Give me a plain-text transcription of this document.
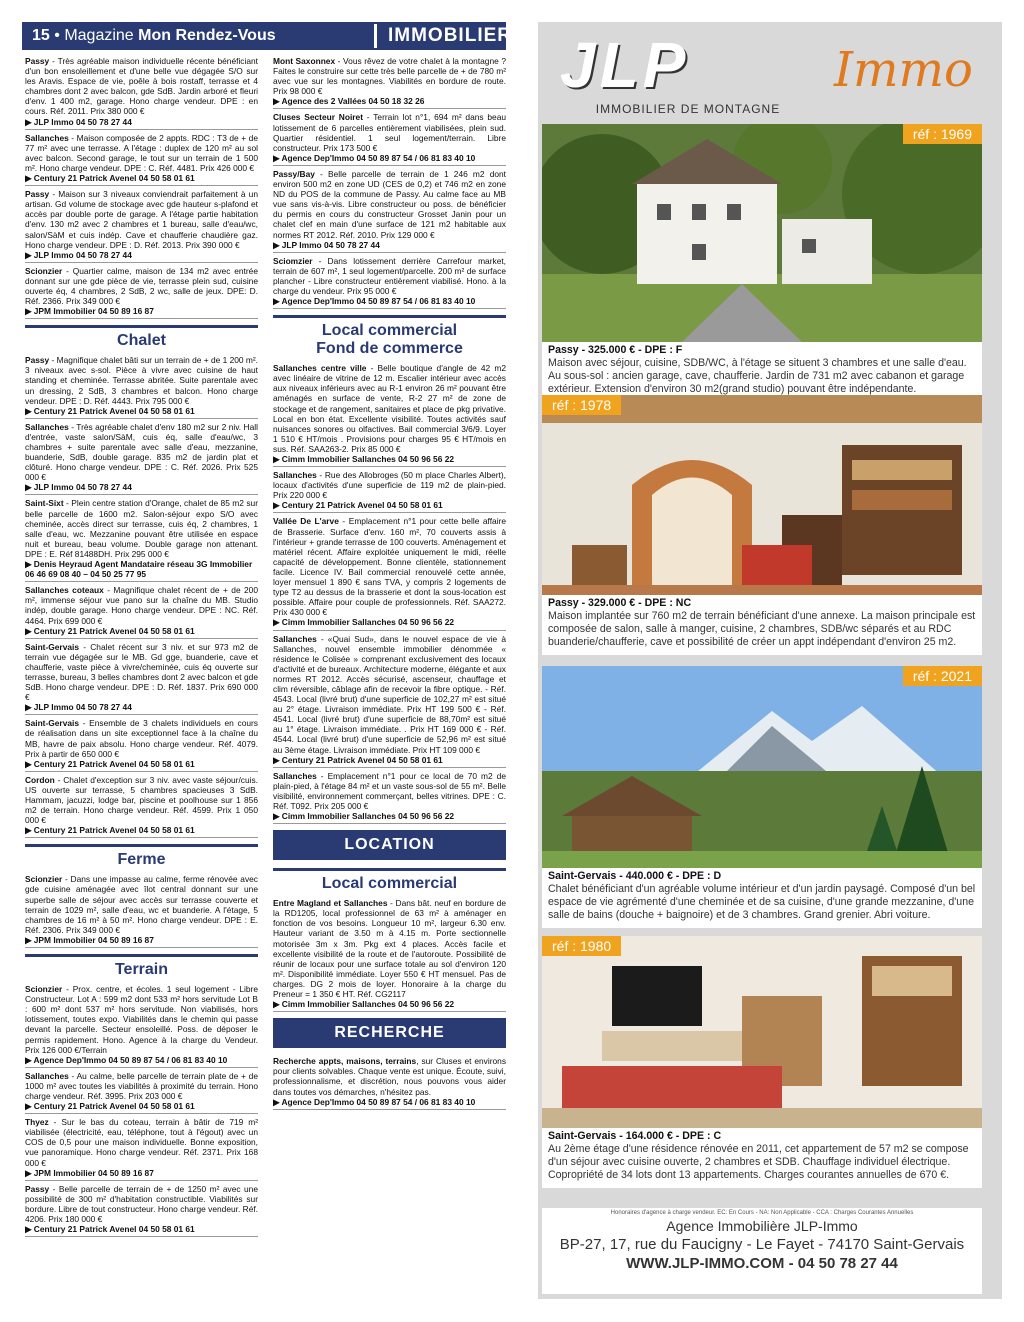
15 • Magazine Mon Rendez-Vous	IMMOBILIER
Passy - Très agréable maison individuelle récente bénéficiant d'un bon ensoleillement et d'une belle vue dégagée S/O sur les Aravis. Espace de vie, poêle à bois rostaff, terrasse et 4 chambres dont 2 avec balcon, gde SdB. Jardin arboré et fleuri d'env. 1 400 m2, garage. Hono charge vendeur. DPE : en cours. Réf. 2011. Prix 380 000 €
▶ JLP Immo 04 50 78 27 44
Sallanches - Maison composée de 2 appts. RDC : T3 de + de 77 m² avec une terrasse. A l'étage : duplex de 120 m² au sol avec balcon. Second garage, le tout sur un terrain de 1 500 m². Hono charge vendeur. DPE : C. Réf. 4481. Prix 426 000 €
▶ Century 21 Patrick Avenel 04 50 58 01 61
Passy - Maison sur 3 niveaux conviendrait parfaitement à un artisan. Gd volume de stockage avec gde hauteur s-plafond et accès par double porte de garage. A l'étage partie habitation d'env. 130 m2 avec 2 chambres et 1 bureau, salle d'eau/wc, salon/SàM et cuis indép. Cave et chaufferie chaudière gaz. Hono charge vendeur. DPE : D. Réf. 2013. Prix 390 000 €
▶ JLP Immo 04 50 78 27 44
Scionzier - Quartier calme, maison de 134 m2 avec entrée donnant sur une gde pièce de vie, terrasse plein sud, cuisine ouverte éq, 4 chambres, 2 SdB, 2 wc, salle de jeux. DPE: D. Réf. 2366. Prix 349 000 €
▶ JPM Immobilier 04 50 89 16 87
Chalet
Passy - Magnifique chalet bâti sur un terrain de + de 1 200 m². 3 niveaux avec s-sol. Pièce à vivre avec cuisine de haut standing et cheminée. Terrasse abritée. Suite parentale avec un dressing, 2 SdB, 3 chambres et balcon. Hono charge vendeur. DPE : D. Réf. 4443. Prix 795 000 €
▶ Century 21 Patrick Avenel 04 50 58 01 61
Sallanches - Très agréable chalet d'env 180 m2 sur 2 niv. Hall d'entrée, vaste salon/SàM, cuis éq, salle d'eau/wc, 3 chambres + suite parentale avec salle d'eau, mezzanine, buanderie, SdB, double garage. 835 m2 de jardin plat et clôturé. Hono charge vendeur. DPE : C. Réf. 2026. Prix 525 000 €
▶ JLP Immo 04 50 78 27 44
Saint-Sixt - Plein centre station d'Orange, chalet de 85 m2 sur belle parcelle de 1600 m2. Salon-séjour expo S/O avec cheminée, accès direct sur terrasse, cuis éq, 2 chambres, 1 salle d'eau, wc. Mezzanine pouvant être utilisée en espace nuit et bureau, beau volume. Double garage non attenant. DPE : E. Réf 81488DH. Prix 295 000 €
▶ Denis Heyraud Agent Mandataire réseau 3G Immobilier 06 46 69 08 40 – 04 50 25 77 95
Sallanches coteaux - Magnifique chalet récent de + de 200 m², immense séjour vue pano sur la chaîne du MB. Studio indép, double garage. Hono charge vendeur. DPE : NC. Réf. 4464. Prix 699 000 €
▶ Century 21 Patrick Avenel 04 50 58 01 61
Saint-Gervais - Chalet récent sur 3 niv. et sur 973 m2 de terrain vue dégagée sur le MB. Gd gge, buanderie, cave et chaufferie, vaste pièce à vivre/cheminée, cuis éq ouverte sur terrasse, bureau, 3 belles chambres dont 2 avec balcon et gde SdB. Hono charge vendeur. DPE : D. Réf. 1837. Prix 690 000 €
▶ JLP Immo 04 50 78 27 44
Saint-Gervais - Ensemble de 3 chalets individuels en cours de réalisation dans un site exceptionnel face à la chaîne du MB, havre de paix absolu. Hono charge vendeur. Réf. 4079. Prix à partir de 650 000 €
▶ Century 21 Patrick Avenel 04 50 58 01 61
Cordon - Chalet d'exception sur 3 niv. avec vaste séjour/cuis. US ouverte sur terrasse, 5 chambres spacieuses 3 SdB. Hammam, jacuzzi, lodge bar, piscine et poolhouse sur 1 856 m2 de terrain. Hono charge vendeur. Réf. 4599. Prix 1 050 000 €
▶ Century 21 Patrick Avenel 04 50 58 01 61
Ferme
Scionzier - Dans une impasse au calme, ferme rénovée avec gde cuisine aménagée avec îlot central donnant sur une superbe salle de séjour avec accès sur terrasse couverte et terrain de 1029 m², salle d'eau, wc et buanderie. A l'étage, 5 chambres de 16 m² à 50 m². Hono charge vendeur. DPE : E. Réf. 2306. Prix 349 000 €
▶ JPM Immobilier 04 50 89 16 87
Terrain
Scionzier - Prox. centre, et écoles. 1 seul logement - Libre Constructeur. Lot A : 599 m2 dont 533 m² hors servitude Lot B : 600 m² dont 537 m² hors servitude. Non viabilisés, hors lotissement, toutes expo. Viabilités dans le chemin qui passe devant la parcelle. Secteur ensoleillé. Poss. de déposer le permis rapidement. Hono. Agence à la charge du Vendeur. Prix 126 000 €/Terrain
▶ Agence Dep'Immo 04 50 89 87 54 / 06 81 83 40 10
Sallanches - Au calme, belle parcelle de terrain plate de + de 1000 m² avec toutes les viabilités à proximité du terrain. Hono charge vendeur. Réf. 3995. Prix 203 000 €
▶ Century 21 Patrick Avenel 04 50 58 01 61
Thyez - Sur le bas du coteau, terrain à bâtir de 719 m² viabilisée (électricité, eau, téléphone, tout à l'égout) avec un COS de 0,5 pour une maison individuelle. Bonne exposition, vue panoramique. Hono charge vendeur. Réf. 2371. Prix 168 000 €
▶ JPM Immobilier 04 50 89 16 87
Passy - Belle parcelle de terrain de + de 1250 m² avec une possibilité de 300 m² d'habitation constructible. Viabilités sur bordure. Libre de tout constructeur. Hono charge vendeur. Réf. 4206. Prix 180 000 €
▶ Century 21 Patrick Avenel 04 50 58 01 61
Mont Saxonnex - Vous rêvez de votre chalet à la montagne ? Faites le construire sur cette très belle parcelle de + de 780 m² avec vue sur les montagnes. Viabilités en bordure de route. Prix 98 000 €
▶ Agence des 2 Vallées 04 50 18 32 26
Cluses Secteur Noiret - Terrain lot n°1, 694 m² dans beau lotissement de 6 parcelles entièrement viabilisées, plein sud. Quartier résidentiel. 1 seul logement/terrain. Libre constructeur. Prix 173 500 €
▶ Agence Dep'Immo 04 50 89 87 54 / 06 81 83 40 10
Passy/Bay - Belle parcelle de terrain de 1 246 m2 dont environ 500 m2 en zone UD (CES de 0,2) et 746 m2 en zone ND du POS de la commune de Passy. Au calme face au MB vue sans vis-à-vis. Libre constructeur ou poss. de bénéficier du permis en cours du constructeur Grosset Janin pour un chalet clef en main d'une surface de 121 m2 habitable aux normes RT 2012. Réf. 2010. Prix 129 000 €
▶ JLP Immo 04 50 78 27 44
Sciomzier - Dans lotissement derrière Carrefour market, terrain de 607 m², 1 seul logement/parcelle. 200 m² de surface plancher - Libre constructeur entièrement viabilisé. Hono. à la charge du vendeur. Prix 95 000 €
▶ Agence Dep'Immo 04 50 89 87 54 / 06 81 83 40 10
Local commercial
Fond de commerce
Sallanches centre ville - Belle boutique d'angle de 42 m2 avec linéaire de vitrine de 12 m. Escalier intérieur avec accès aux niveaux inférieurs avec au R-1 environ 26 m² pouvant être aménagés en surface de vente, R-2 27 m² de zone de stockage et de rangement, sanitaires et place de pkg privative. Local en bon état. Excellente visibilité. Toutes activités sauf nuisances sonores ou olfactives. Bail commercial 3/6/9. Loyer 1 510 € HT/mois . Provisions pour charges 95 € HT/mois en sus. Réf. SAA263-2. Prix 85 000 €
▶ Cimm Immobilier Sallanches 04 50 96 56 22
Sallanches - Rue des Allobroges (50 m place Charles Albert), locaux d'activités d'une superficie de 119 m2 de plain-pied. Prix 220 000 €
▶ Century 21 Patrick Avenel 04 50 58 01 61
Vallée De L'arve - Emplacement n°1 pour cette belle affaire de Brasserie. Surface d'env. 160 m², 70 couverts assis à l'intérieur + grande terrasse de 100 couverts. Aménagement et matériel récent. Affaire exploitée uniquement le midi, réelle capacité de développement. Bonne clientèle, stationnement facile. Licence IV. Bail commercial renouvelé cette année, loyer mensuel 1 890 € sans TVA, y compris 2 logements de type T2 au dessus de la brasserie et dont la sous-location est possible. Affaire pour couple de professionnels. Réf. SAA272. Prix 430 000 €
▶ Cimm Immobilier Sallanches 04 50 96 56 22
Sallanches - «Quai Sud», dans le nouvel espace de vie à Sallanches, nouvel ensemble immobilier dénommée « résidence le Colisée » comprenant exclusivement des locaux d'activité et de bureaux. Architecture moderne, élégante et aux normes RT 2012. Accès sécurisé, ascenseur, chauffage et clim réversible, câblage afin de recevoir la fibre optique. - Réf. 4543. Local (livré brut) d'une superficie de 102,27 m² est situé au 2° étage. Livraison immédiate. Prix HT 199 500 € - Réf. 4541. Local (livré brut) d'une superficie de 88,70m² est situé au 1° étage. Livraison immédiate. . Prix HT 169 000 € - Réf. 4544. Local (livré brut) d'une superficie de 52,96 m² est situé au 3ème étage. Livraison immédiate. Prix HT 109 000 €
▶ Century 21 Patrick Avenel 04 50 58 01 61
Sallanches - Emplacement n°1 pour ce local de 70 m2 de plain-pied, à l'étage 84 m² et un vaste sous-sol de 55 m². Belle visibilité, environnement commerçant, belles vitrines. DPE : C. Réf. T092. Prix 205 000 €
▶ Cimm Immobilier Sallanches 04 50 96 56 22
LOCATION
Local commercial
Entre Magland et Sallanches - Dans bât. neuf en bordure de la RD1205, local professionnel de 63 m² à aménager en fonction de vos besoins. Longueur 10 m², largeur 6.30 env. Hauteur variant de 3.50 m à 4.15 m. Porte sectionnelle motorisée 3m x 3m. Pkg ext 4 places. Accès facile et excellente visibilité de la route et de l'autoroute. Possibilité de réunir de locaux pour une surface totale au sol d'environ 120 m². Disponibilité immédiate. Loyer 550 € HT mensuel. Pas de charges. DG 2 mois de loyer. Honoraire à la charge du Preneur = 1 350 € HT. Réf. CG2117
▶ Cimm Immobilier Sallanches 04 50 96 56 22
RECHERCHE
Recherche appts, maisons, terrains, sur Cluses et environs pour clients solvables. Chaque vente est unique. Écoute, suivi, professionnalisme, et discrétion, nous pouvons vous aider dans toutes vos démarches, n'hésitez pas.
▶ Agence Dep'Immo 04 50 89 87 54 / 06 81 83 40 10
JLP	Immo
IMMOBILIER DE MONTAGNE
réf : 1969
Passy - 325.000 € - DPE : F
Maison avec séjour, cuisine, SDB/WC, à l'étage se situent 3 chambres et une salle d'eau. Au sous-sol : ancien garage, cave, chaufferie. Jardin de 731 m2 avec cabanon et garage extérieur. Extension d'environ 30 m2(grand studio) pouvant être indépendante.
réf : 1978
Passy - 329.000 € - DPE : NC
Maison implantée sur 760 m2 de terrain bénéficiant d'une annexe. La maison principale est composée de salon, salle à manger, cuisine, 2 chambres, SDB/wc séparés et au RDC buanderie/chaufferie, cave et possibilité de créer un appt indépendant d'environ 25 m2.
réf : 2021
Saint-Gervais - 440.000 € - DPE : D
Chalet bénéficiant d'un agréable volume intérieur et d'un jardin paysagé. Composé d'un bel espace de vie agrémenté d'une cheminée et de sa cuisine, d'une grande mezzanine, d'une salle de bains (douche + baignoire) et de 3 chambres. Grand grenier. Abri voiture.
réf : 1980
Saint-Gervais - 164.000 € - DPE : C
Au 2ème étage d'une résidence rénovée en 2011, cet appartement de 57 m2 se compose d'un séjour avec cuisine ouverte, 2 chambres et SDB. Chauffage individuel électrique. Copropriété de 34 lots dont 13 appartements. Charges courantes annuelles de 670 €.
Honoraires d'agence à charge vendeur. EC: En Cours - NA: Non Applicable - CCA : Charges Courantes Annuelles
Agence Immobilière JLP-Immo
BP-27, 17, rue du Faucigny - Le Fayet - 74170 Saint-Gervais
WWW.JLP-IMMO.COM - 04 50 78 27 44
